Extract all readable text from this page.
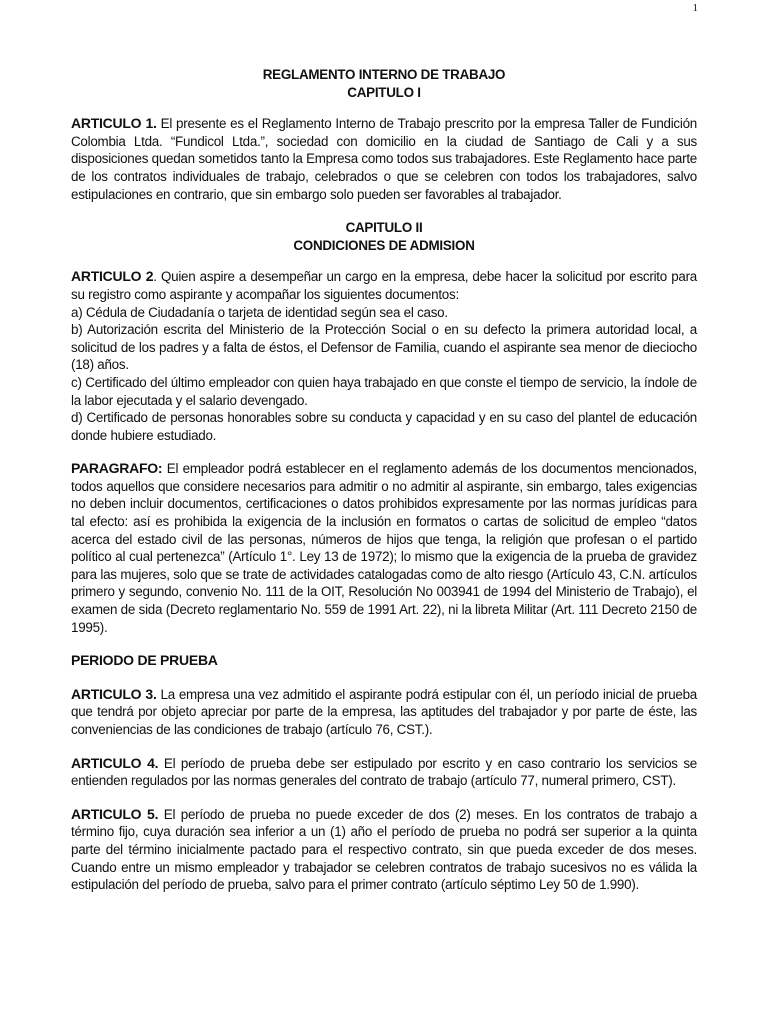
1
REGLAMENTO INTERNO DE TRABAJO
CAPITULO I
ARTICULO 1. El presente es el Reglamento Interno de Trabajo prescrito por la empresa Taller de Fundición Colombia Ltda. “Fundicol Ltda.”, sociedad con domicilio en la ciudad de Santiago de Cali y a sus disposiciones quedan sometidos tanto la Empresa como todos sus trabajadores. Este Reglamento hace parte de los contratos individuales de trabajo, celebrados o que se celebren con todos los trabajadores, salvo estipulaciones en contrario, que sin embargo solo pueden ser favorables al trabajador.
CAPITULO II
CONDICIONES DE ADMISION
ARTICULO 2. Quien aspire a desempeñar un cargo en la empresa, debe hacer la solicitud por escrito para su registro como aspirante y acompañar los siguientes documentos:
a) Cédula de Ciudadanía o tarjeta de identidad según sea el caso.
b) Autorización escrita del Ministerio de la Protección Social o en su defecto la primera autoridad local, a solicitud de los padres y a falta de éstos, el Defensor de Familia, cuando el aspirante sea menor de dieciocho (18) años.
c) Certificado del último empleador con quien haya trabajado en que conste el tiempo de servicio, la índole de la labor ejecutada y el salario devengado.
d) Certificado de personas honorables sobre su conducta y capacidad y en su caso del plantel de educación donde hubiere estudiado.
PARAGRAFO: El empleador podrá establecer en el reglamento además de los documentos mencionados, todos aquellos que considere necesarios para admitir o no admitir al aspirante, sin embargo, tales exigencias no deben incluir documentos, certificaciones o datos prohibidos expresamente por las normas jurídicas para tal efecto: así es prohibida la exigencia de la inclusión en formatos o cartas de solicitud de empleo “datos acerca del estado civil de las personas, números de hijos que tenga, la religión que profesan o el partido político al cual pertenezca” (Artículo 1°. Ley 13 de 1972); lo mismo que la exigencia de la prueba de gravidez para las mujeres, solo que se trate de actividades catalogadas como de alto riesgo (Artículo 43, C.N. artículos primero y segundo, convenio No. 111 de la OIT, Resolución No 003941 de 1994 del Ministerio de Trabajo), el examen de sida (Decreto reglamentario No. 559 de 1991 Art. 22), ni la libreta Militar (Art. 111 Decreto 2150 de 1995).
PERIODO DE PRUEBA
ARTICULO 3. La empresa una vez admitido el aspirante podrá estipular con él, un período inicial de prueba que tendrá por objeto apreciar por parte de la empresa, las aptitudes del trabajador y por parte de éste, las conveniencias de las condiciones de trabajo (artículo 76, CST.).
ARTICULO 4. El período de prueba debe ser estipulado por escrito y en caso contrario los servicios se entienden regulados por las normas generales del contrato de trabajo (artículo 77, numeral primero, CST).
ARTICULO 5. El período de prueba no puede exceder de dos (2) meses. En los contratos de trabajo a término fijo, cuya duración sea inferior a un (1) año el período de prueba no podrá ser superior a la quinta parte del término inicialmente pactado para el respectivo contrato, sin que pueda exceder de dos meses. Cuando entre un mismo empleador y trabajador se celebren contratos de trabajo sucesivos no es válida la estipulación del período de prueba, salvo para el primer contrato (artículo séptimo Ley 50 de 1.990).
